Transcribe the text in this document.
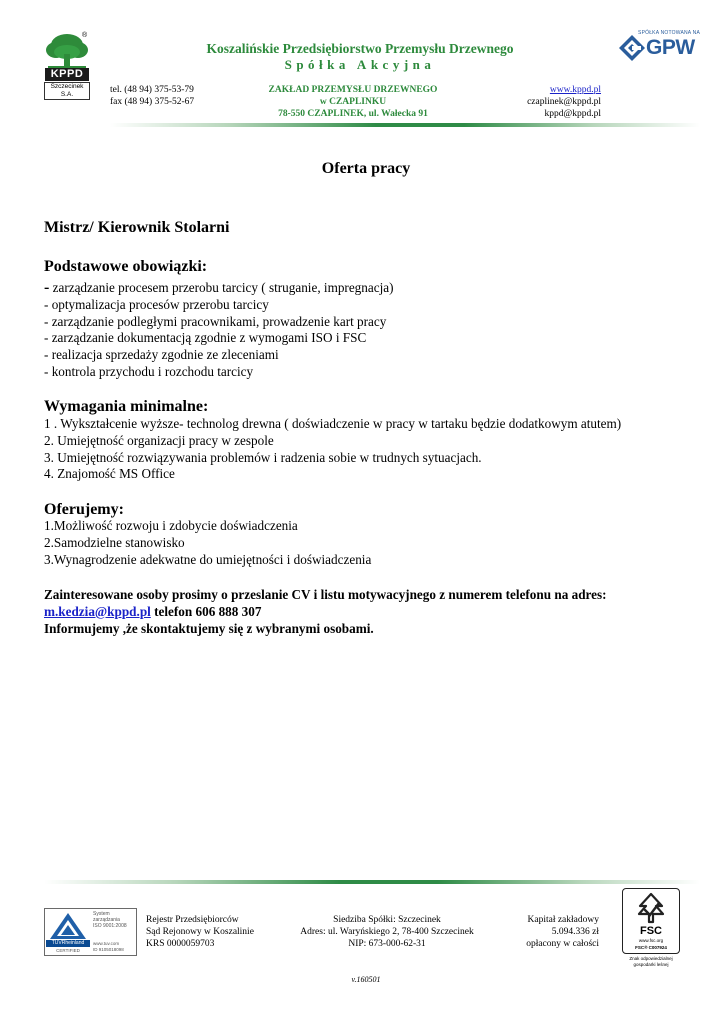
KPPD
Szczecinek S.A.
®
Koszalińskie Przedsiębiorstwo Przemysłu Drzewnego
Spółka Akcyjna
SPÓŁKA NOTOWANA NA
GPW
tel. (48 94) 375-53-79
fax (48 94) 375-52-67
ZAKŁAD PRZEMYSŁU DRZEWNEGO
w CZAPLINKU
78-550 CZAPLINEK, ul. Wałecka 91
www.kppd.pl
czaplinek@kppd.pl
kppd@kppd.pl
Oferta pracy
Mistrz/ Kierownik Stolarni
Podstawowe obowiązki:
- zarządzanie procesem przerobu tarcicy ( struganie, impregnacja)
- optymalizacja procesów przerobu tarcicy
- zarządzanie podległymi pracownikami, prowadzenie kart pracy
- zarządzanie dokumentacją zgodnie z wymogami ISO i FSC
- realizacja sprzedaży zgodnie ze zleceniami
- kontrola przychodu i rozchodu tarcicy
Wymagania minimalne:
1 . Wykształcenie wyższe- technolog drewna ( doświadczenie w pracy w tartaku będzie dodatkowym atutem)
2. Umiejętność organizacji pracy w zespole
3. Umiejętność rozwiązywania problemów i radzenia sobie w trudnych sytuacjach.
4. Znajomość MS Office
Oferujemy:
1.Możliwość rozwoju i zdobycie doświadczenia
2.Samodzielne stanowisko
3.Wynagrodzenie adekwatne do umiejętności i doświadczenia
Zainteresowane osoby prosimy o przeslanie CV i listu motywacyjnego z numerem telefonu na adres:
m.kedzia@kppd.pl telefon 606 888 307
Informujemy ,że skontaktujemy się z wybranymi osobami.
TÜVRheinland
CERTIFIED
System
zarządzania
ISO 9001:2008
www.tuv.com
ID 9105018098
Rejestr Przedsiębiorców
Sąd Rejonowy w Koszalinie
KRS 0000059703
Siedziba Spółki: Szczecinek
Adres: ul. Waryńskiego 2, 78-400 Szczecinek
NIP: 673-000-62-31
Kapitał zakładowy
5.094.336 zł
opłacony w całości
FSC
www.fsc.org
FSC® C007924
Znak odpowiedzialnej
gospodarki leśnej
v.160501
